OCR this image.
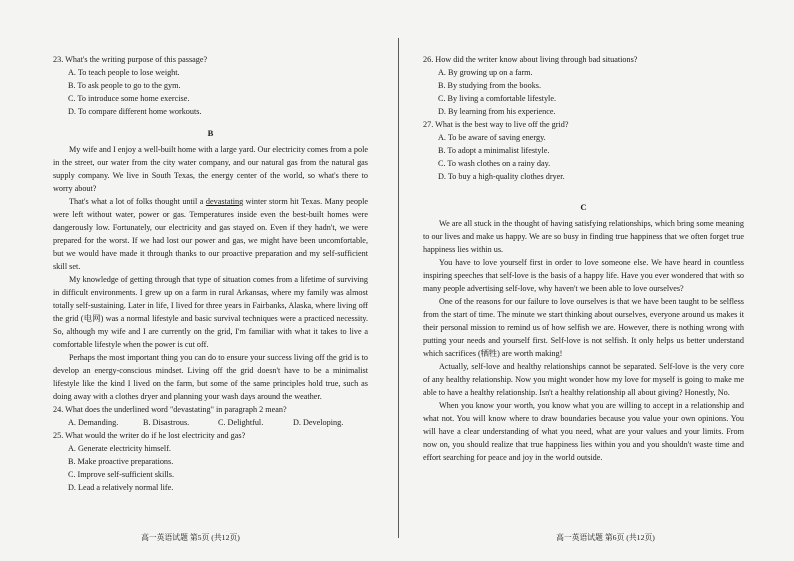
23. What's the writing purpose of this passage?

A. To teach people to lose weight.

B. To ask people to go to the gym.

C. To introduce some home exercise.

D. To compare different home workouts.

B

My wife and I enjoy a well-built home with a large yard. Our electricity comes from a pole in the street, our water from the city water company, and our natural gas from the natural gas supply company. We live in South Texas, the energy center of the world, so what's there to worry about?

That's what a lot of folks thought until a devastating winter storm hit Texas. Many people were left without water, power or gas. Temperatures inside even the best-built homes were dangerously low. Fortunately, our electricity and gas stayed on. Even if they hadn't, we were prepared for the worst. If we had lost our power and gas, we might have been uncomfortable, but we would have made it through thanks to our proactive preparation and my self-sufficient skill set.

My knowledge of getting through that type of situation comes from a lifetime of surviving in difficult environments. I grew up on a farm in rural Arkansas, where my family was almost totally self-sustaining. Later in life, I lived for three years in Fairbanks, Alaska, where living off the grid (电网) was a normal lifestyle and basic survival techniques were a practiced necessity. So, although my wife and I are currently on the grid, I'm familiar with what it takes to live a comfortable lifestyle when the power is cut off.

Perhaps the most important thing you can do to ensure your success living off the grid is to develop an energy-conscious mindset. Living off the grid doesn't have to be a minimalist lifestyle like the kind I lived on the farm, but some of the same principles hold true, such as doing away with a clothes dryer and planning your wash days around the weather.

24. What does the underlined word "devastating" in paragraph 2 mean?

A. Demanding.	B. Disastrous.	C. Delightful.	D. Developing.

25. What would the writer do if he lost electricity and gas?

A. Generate electricity himself.

B. Make proactive preparations.

C. Improve self-sufficient skills.

D. Lead a relatively normal life.

高一英语试题 第5页 (共12页)

26. How did the writer know about living through bad situations?

A. By growing up on a farm.

B. By studying from the books.

C. By living a comfortable lifestyle.

D. By learning from his experience.

27. What is the best way to live off the grid?

A. To be aware of saving energy.

B. To adopt a minimalist lifestyle.

C. To wash clothes on a rainy day.

D. To buy a high-quality clothes dryer.

C

We are all stuck in the thought of having satisfying relationships, which bring some meaning to our lives and make us happy. We are so busy in finding true happiness that we often forget true happiness lies within us.

You have to love yourself first in order to love someone else. We have heard in countless inspiring speeches that self-love is the basis of a happy life. Have you ever wondered that with so many people advertising self-love, why haven't we been able to love ourselves?

One of the reasons for our failure to love ourselves is that we have been taught to be selfless from the start of time. The minute we start thinking about ourselves, everyone around us makes it their personal mission to remind us of how selfish we are. However, there is nothing wrong with putting your needs and yourself first. Self-love is not selfish. It only helps us better understand which sacrifices (牺牲) are worth making!

Actually, self-love and healthy relationships cannot be separated. Self-love is the very core of any healthy relationship. Now you might wonder how my love for myself is going to make me able to have a healthy relationship. Isn't a healthy relationship all about giving? Honestly, No.

When you know your worth, you know what you are willing to accept in a relationship and what not. You will know where to draw boundaries because you value your own opinions. You will have a clear understanding of what you need, what are your values and your limits. From now on, you should realize that true happiness lies within you and you shouldn't waste time and effort searching for peace and joy in the world outside.

高一英语试题 第6页 (共12页)
